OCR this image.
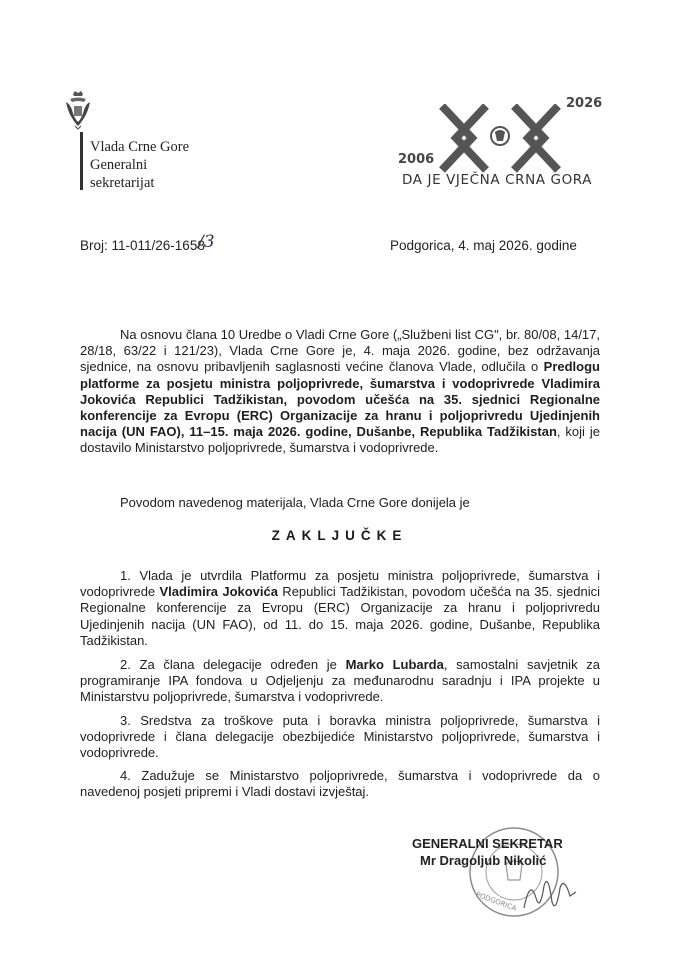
Vlada Crne Gore
Generalni
sekretarijat
2026
2006
DA JE VJEČNA CRNA GORA
Broj: 11-011/26-1658
/3	Podgorica, 4. maj 2026. godine
Na osnovu člana 10 Uredbe o Vladi Crne Gore („Službeni list CG", br. 80/08, 14/17, 28/18, 63/22 i 121/23), Vlada Crne Gore je, 4. maja 2026. godine, bez održavanja sjednice, na osnovu pribavljenih saglasnosti većine članova Vlade, odlučila o Predlogu platforme za posjetu ministra poljoprivrede, šumarstva i vodoprivrede Vladimira Jokovića Republici Tadžikistan, povodom učešća na 35. sjednici Regionalne konferencije za Evropu (ERC) Organizacije za hranu i poljoprivredu Ujedinjenih nacija (UN FAO), 11–15. maja 2026. godine, Dušanbe, Republika Tadžikistan, koji je dostavilo Ministarstvo poljoprivrede, šumarstva i vodoprivrede.
Povodom navedenog materijala, Vlada Crne Gore donijela je
ZAKLJUČKE
1. Vlada je utvrdila Platformu za posjetu ministra poljoprivrede, šumarstva i vodoprivrede Vladimira Jokovića Republici Tadžikistan, povodom učešća na 35. sjednici Regionalne konferencije za Evropu (ERC) Organizacije za hranu i poljoprivredu Ujedinjenih nacija (UN FAO), od 11. do 15. maja 2026. godine, Dušanbe, Republika Tadžikistan.
2. Za člana delegacije određen je Marko Lubarda, samostalni savjetnik za programiranje IPA fondova u Odjeljenju za međunarodnu saradnju i IPA projekte u Ministarstvu poljoprivrede, šumarstva i vodoprivrede.
3. Sredstva za troškove puta i boravka ministra poljoprivrede, šumarstva i vodoprivrede i člana delegacije obezbijediće Ministarstvo poljoprivrede, šumarstva i vodoprivrede.
4. Zadužuje se Ministarstvo poljoprivrede, šumarstva i vodoprivrede da o navedenoj posjeti pripremi i Vladi dostavi izvještaj.
PODGORICA
GENERALNI SEKRETAR
Mr Dragoljub Nikolić
